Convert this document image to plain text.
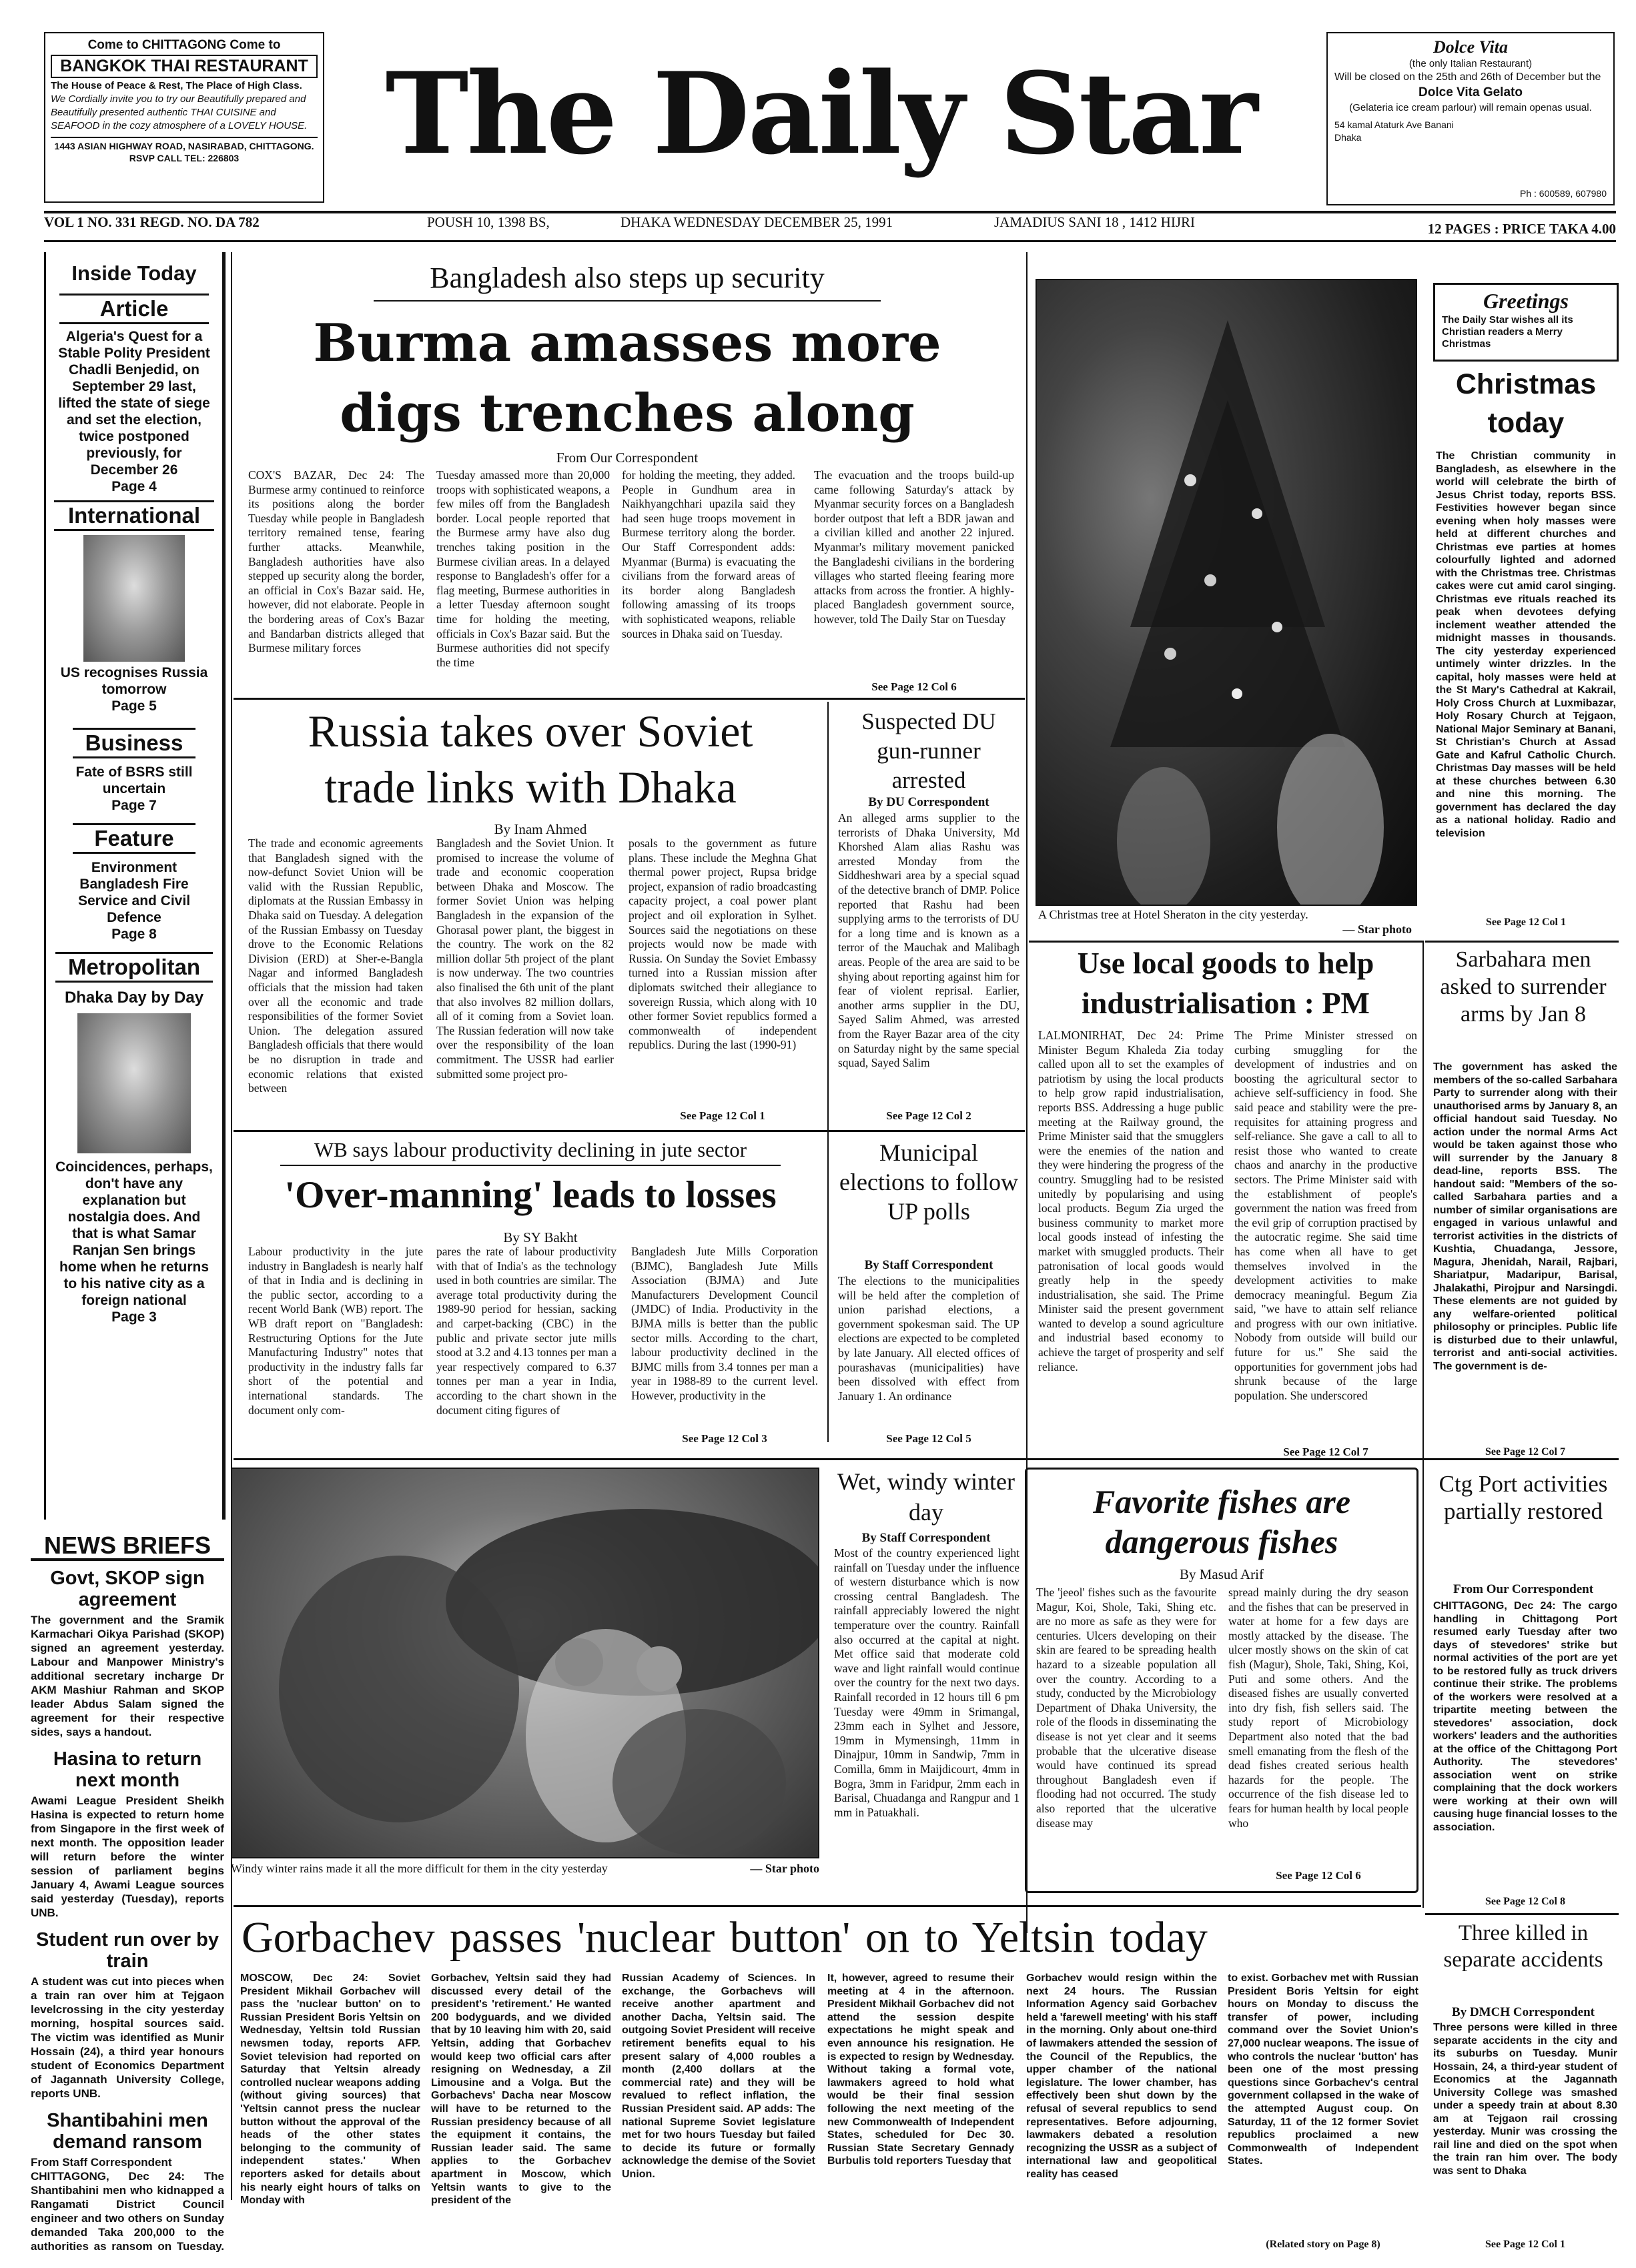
Come to CHITTAGONG Come to
BANGKOK THAI RESTAURANT
The House of Peace & Rest, The Place of High Class.
We Cordially invite you to try our Beautifully prepared and Beautifully presented authentic THAI CUISINE and SEAFOOD in the cozy atmosphere of a LOVELY HOUSE.
1443 ASIAN HIGHWAY ROAD, NASIRABAD, CHITTAGONG. RSVP CALL TEL: 226803	The Daily Star
Dolce Vita
(the only Italian Restaurant)
Will be closed on the 25th and 26th of December but the
Dolce Vita Gelato
(Gelateria ice cream parlour) will remain openas usual.
54 kamal Ataturk Ave Banani Dhaka
Ph : 600589, 607980
VOL 1 NO. 331 REGD. NO. DA 782	POUSH 10, 1398 BS,	DHAKA WEDNESDAY DECEMBER 25, 1991	JAMADIUS SANI 18 , 1412 HIJRI	12 PAGES : PRICE TAKA 4.00
Inside Today
Article
Algeria's Quest for a Stable Polity President Chadli Benjedid, on September 29 last, lifted the state of siege and set the election, twice postponed previously, for December 26
Page 4
International
US recognises Russia tomorrow
Page 5
Business
Fate of BSRS still uncertain
Page 7
Feature
Environment Bangladesh Fire Service and Civil Defence
Page 8
Metropolitan
Dhaka Day by Day
Coincidences, perhaps, don't have any explanation but nostalgia does. And that is what Samar Ranjan Sen brings home when he returns to his native city as a foreign national
Page 3
NEWS BRIEFS
Govt, SKOP sign agreement
The government and the Sramik Karmachari Oikya Parishad (SKOP) signed an agreement yesterday. Labour and Manpower Ministry's additional secretary incharge Dr AKM Mashiur Rahman and SKOP leader Abdus Salam signed the agreement for their respective sides, says a handout.
Hasina to return next month
Awami League President Sheikh Hasina is expected to return home from Singapore in the first week of next month. The opposition leader will return before the winter session of parliament begins January 4, Awami League sources said yesterday (Tuesday), reports UNB.
Student run over by train
A student was cut into pieces when a train ran over him at Tejgaon levelcrossing in the city yesterday morning, hospital sources said. The victim was identified as Munir Hossain (24), a third year honours student of Economics Department of Jagannath University College, reports UNB.
Shantibahini men demand ransom
From Staff Correspondent
CHITTAGONG, Dec 24: The Shantibahini men who kidnapped a Rangamati District Council engineer and two others on Sunday demanded Taka 200,000 to the authorities as ransom on Tuesday.
Bangladesh also steps up security
Burma amasses more
digs trenches along
From Our Correspondent
COX'S BAZAR, Dec 24: The Burmese army continued to reinforce its positions along the border Tuesday while people in Bangladesh territory remained tense, fearing further attacks. Meanwhile, Bangladesh authorities have also stepped up security along the border, an official in Cox's Bazar said. He, however, did not elaborate. People in the bordering areas of Cox's Bazar and Bandarban districts alleged that Burmese military forces
Tuesday amassed more than 20,000 troops with sophisticated weapons, a few miles off from the Bangladesh border. Local people reported that the Burmese army have also dug trenches taking position in the Burmese civilian areas. In a delayed response to Bangladesh's offer for a flag meeting, Burmese authorities in a letter Tuesday afternoon sought time for holding the meeting, officials in Cox's Bazar said. But the Burmese authorities did not specify the time
for holding the meeting, they added. People in Gundhum area in Naikhyangchhari upazila said they had seen huge troops movement in Burmese territory along the border. Our Staff Correspondent adds: Myanmar (Burma) is evacuating the civilians from the forward areas of its border along Bangladesh following amassing of its troops with sophisticated weapons, reliable sources in Dhaka said on Tuesday.
The evacuation and the troops build-up came following Saturday's attack by Myanmar security forces on a Bangladesh border outpost that left a BDR jawan and a civilian killed and another 22 injured. Myanmar's military movement panicked the Bangladeshi civilians in the bordering villages who started fleeing fearing more attacks from across the frontier. A highly-placed Bangladesh government source, however, told The Daily Star on Tuesday
See Page 12 Col 6
A Christmas tree at Hotel Sheraton in the city yesterday.
— Star photo
Greetings
The Daily Star wishes all its Christian readers a Merry Christmas
Christmas
today
The Christian community in Bangladesh, as elsewhere in the world will celebrate the birth of Jesus Christ today, reports BSS. Festivities however began since evening when holy masses were held at different churches and Christmas eve parties at homes colourfully lighted and adorned with the Christmas tree. Christmas cakes were cut amid carol singing. Christmas eve rituals reached its peak when devotees defying inclement weather attended the midnight masses in thousands. The city yesterday experienced untimely winter drizzles. In the capital, holy masses were held at the St Mary's Cathedral at Kakrail, Holy Cross Church at Luxmibazar, Holy Rosary Church at Tejgaon, National Major Seminary at Banani, St Christian's Church at Assad Gate and Kafrul Catholic Church. Christmas Day masses will be held at these churches between 6.30 and nine this morning. The government has declared the day as a national holiday. Radio and television
See Page 12 Col 1
Russia takes over Soviet
trade links with Dhaka
By Inam Ahmed
The trade and economic agreements that Bangladesh signed with the now-defunct Soviet Union will be valid with the Russian Republic, diplomats at the Russian Embassy in Dhaka said on Tuesday. A delegation of the Russian Embassy on Tuesday drove to the Economic Relations Division (ERD) at Sher-e-Bangla Nagar and informed Bangladesh officials that the mission had taken over all the economic and trade responsibilities of the former Soviet Union. The delegation assured Bangladesh officials that there would be no disruption in trade and economic relations that existed between
Bangladesh and the Soviet Union. It promised to increase the volume of trade and economic cooperation between Dhaka and Moscow. The former Soviet Union was helping Bangladesh in the expansion of the Ghorasal power plant, the biggest in the country. The work on the 82 million dollar 5th project of the plant is now underway. The two countries also finalised the 6th unit of the plant that also involves 82 million dollars, all of it coming from a Soviet loan. The Russian federation will now take over the responsibility of the loan commitment. The USSR had earlier submitted some project pro-
posals to the government as future plans. These include the Meghna Ghat thermal power project, Rupsa bridge project, expansion of radio broadcasting capacity project, a coal power plant project and oil exploration in Sylhet. Sources said the negotiations on these projects would now be made with Russia. On Sunday the Soviet Embassy turned into a Russian mission after diplomats switched their allegiance to sovereign Russia, which along with 10 other former Soviet republics formed a commonwealth of independent republics. During the last (1990-91)
See Page 12 Col 1
Suspected DU gun-runner arrested
By DU Correspondent
An alleged arms supplier to the terrorists of Dhaka University, Md Khorshed Alam alias Rashu was arrested Monday from the Siddheshwari area by a special squad of the detective branch of DMP. Police reported that Rashu had been supplying arms to the terrorists of DU for a long time and is known as a terror of the Mauchak and Malibagh areas. People of the area are said to be shying about reporting against him for fear of violent reprisal. Earlier, another arms supplier in the DU, Sayed Salim Ahmed, was arrested from the Rayer Bazar area of the city on Saturday night by the same special squad, Sayed Salim
See Page 12 Col 2
Use local goods to help
industrialisation : PM
LALMONIRHAT, Dec 24: Prime Minister Begum Khaleda Zia today called upon all to set the examples of patriotism by using the local products to help grow rapid industrialisation, reports BSS. Addressing a huge public meeting at the Railway ground, the Prime Minister said that the smugglers were the enemies of the nation and they were hindering the progress of the country. Smuggling had to be resisted unitedly by popularising and using local products. Begum Zia urged the business community to market more local goods instead of infesting the market with smuggled products. Their patronisation of local goods would greatly help in the speedy industrialisation, she said. The Prime Minister said the present government wanted to develop a sound agriculture and industrial based economy to achieve the target of prosperity and self reliance.
The Prime Minister stressed on curbing smuggling for the development of industries and on boosting the agricultural sector to achieve self-sufficiency in food. She said peace and stability were the pre-requisites for attaining progress and self-reliance. She gave a call to all to resist those who wanted to create chaos and anarchy in the productive sectors. The Prime Minister said with the establishment of people's government the nation was freed from the evil grip of corruption practised by the autocratic regime. She said time has come when all have to get themselves involved in the development activities to make democracy meaningful. Begum Zia said, "we have to attain self reliance and progress with our own initiative. Nobody from outside will build our future for us." She said the opportunities for government jobs had shrunk because of the large population. She underscored
See Page 12 Col 7
Sarbahara men asked to surrender arms by Jan 8
The government has asked the members of the so-called Sarbahara Party to surrender along with their unauthorised arms by January 8, an official handout said Tuesday. No action under the normal Arms Act would be taken against those who will surrender by the January 8 dead-line, reports BSS. The handout said: "Members of the so-called Sarbahara parties and a number of similar organisations are engaged in various unlawful and terrorist activities in the districts of Kushtia, Chuadanga, Jessore, Magura, Jhenidah, Narail, Rajbari, Shariatpur, Madaripur, Barisal, Jhalakathi, Pirojpur and Narsingdi. These elements are not guided by any welfare-oriented political philosophy or principles. Public life is disturbed due to their unlawful, terrorist and anti-social activities. The government is de-
See Page 12 Col 7
WB says labour productivity declining in jute sector
'Over-manning' leads to losses
By SY Bakht
Labour productivity in the jute industry in Bangladesh is nearly half of that in India and is declining in the public sector, according to a recent World Bank (WB) report. The WB draft report on "Bangladesh: Restructuring Options for the Jute Manufacturing Industry" notes that productivity in the industry falls far short of the potential and international standards. The document only com-
pares the rate of labour productivity with that of India's as the technology used in both countries are similar. The average total productivity during the 1989-90 period for hessian, sacking and carpet-backing (CBC) in the public and private sector jute mills stood at 3.2 and 4.13 tonnes per man a year respectively compared to 6.37 tonnes per man a year in India, according to the chart shown in the document citing figures of
Bangladesh Jute Mills Corporation (BJMC), Bangladesh Jute Mills Association (BJMA) and Jute Manufacturers Development Council (JMDC) of India. Productivity in the BJMA mills is better than the public sector mills. According to the chart, labour productivity declined in the BJMC mills from 3.4 tonnes per man a year in 1988-89 to the current level. However, productivity in the
See Page 12 Col 3
Municipal elections to follow UP polls
By Staff Correspondent
The elections to the municipalities will be held after the completion of union parishad elections, a government spokesman said. The UP elections are expected to be completed by late January. All elected offices of pourashavas (municipalities) have been dissolved with effect from January 1. An ordinance
See Page 12 Col 5
Windy winter rains made it all the more difficult for them in the city yesterday	— Star photo
Wet, windy winter day
By Staff Correspondent
Most of the country experienced light rainfall on Tuesday under the influence of western disturbance which is now crossing central Bangladesh. The rainfall appreciably lowered the night temperature over the country. Rainfall also occurred at the capital at night. Met office said that moderate cold wave and light rainfall would continue over the country for the next two days. Rainfall recorded in 12 hours till 6 pm Tuesday were 49mm in Srimangal, 23mm each in Sylhet and Jessore, 19mm in Mymensingh, 11mm in Dinajpur, 10mm in Sandwip, 7mm in Comilla, 6mm in Maijdicourt, 4mm in Bogra, 3mm in Faridpur, 2mm each in Barisal, Chuadanga and Rangpur and 1 mm in Patuakhali.
Favorite fishes are
dangerous fishes
By Masud Arif
The 'jeeol' fishes such as the favourite Magur, Koi, Shole, Taki, Shing etc. are no more as safe as they were for centuries. Ulcers developing on their skin are feared to be spreading health hazard to a sizeable population all over the country. According to a study, conducted by the Microbiology Department of Dhaka University, the role of the floods in disseminating the disease is not yet clear and it seems probable that the ulcerative disease would have continued its spread throughout Bangladesh even if flooding had not occurred. The study also reported that the ulcerative disease may
spread mainly during the dry season and the fishes that can be preserved in water at home for a few days are mostly attacked by the disease. The ulcer mostly shows on the skin of cat fish (Magur), Shole, Taki, Shing, Koi, Puti and some others. And the diseased fishes are usually converted into dry fish, fish sellers said. The study report of Microbiology Department also noted that the bad smell emanating from the flesh of the dead fishes created serious health hazards for the people. The occurrence of the fish disease led to fears for human health by local people who
See Page 12 Col 6
Ctg Port activities partially restored
From Our Correspondent
CHITTAGONG, Dec 24: The cargo handling in Chittagong Port resumed early Tuesday after two days of stevedores' strike but normal activities of the port are yet to be restored fully as truck drivers continue their strike. The problems of the workers were resolved at a tripartite meeting between the stevedores' association, dock workers' leaders and the authorities at the office of the Chittagong Port Authority. The stevedores' association went on strike complaining that the dock workers were working at their own will causing huge financial losses to the association.
See Page 12 Col 8
Gorbachev passes 'nuclear button' on to Yeltsin today
MOSCOW, Dec 24: Soviet President Mikhail Gorbachev will pass the 'nuclear button' on to Russian President Boris Yeltsin on Wednesday, Yeltsin told Russian newsmen today, reports AFP. Soviet television had reported on Saturday that Yeltsin already controlled nuclear weapons adding (without giving sources) that 'Yeltsin cannot press the nuclear button without the approval of the heads of the other states belonging to the community of independent states.' When reporters asked for details about his nearly eight hours of talks on Monday with
Gorbachev, Yeltsin said they had discussed every detail of the president's 'retirement.' He wanted 200 bodyguards, and we divided that by 10 leaving him with 20, said Yeltsin, adding that Gorbachev would keep two official cars after resigning on Wednesday, a Zil Limousine and a Volga. But the Gorbachevs' Dacha near Moscow will have to be returned to the Russian presidency because of all the equipment it contains, the Russian leader said. The same applies to the Gorbachev apartment in Moscow, which Yeltsin wants to give to the president of the
Russian Academy of Sciences. In exchange, the Gorbachevs will receive another apartment and another Dacha, Yeltsin said. The outgoing Soviet President will receive retirement benefits equal to his present salary of 4,000 roubles a month (2,400 dollars at the commercial rate) and they will be revalued to reflect inflation, the Russian President said. AP adds: The national Supreme Soviet legislature met for two hours Tuesday but failed to decide its future or formally acknowledge the demise of the Soviet Union.
It, however, agreed to resume their meeting at 4 in the afternoon. President Mikhail Gorbachev did not attend the session despite expectations he might speak and even announce his resignation. He is expected to resign by Wednesday. Without taking a formal vote, lawmakers agreed to hold what would be their final session following the next meeting of the new Commonwealth of Independent States, scheduled for Dec 30. Russian State Secretary Gennady Burbulis told reporters Tuesday that
Gorbachev would resign within the next 24 hours. The Russian Information Agency said Gorbachev held a 'farewell meeting' with his staff in the morning. Only about one-third of lawmakers attended the session of the Council of the Republics, the upper chamber of the national legislature. The lower chamber, has effectively been shut down by the refusal of several republics to send representatives. Before adjourning, lawmakers debated a resolution recognizing the USSR as a subject of international law and geopolitical reality has ceased
to exist. Gorbachev met with Russian President Boris Yeltsin for eight hours on Monday to discuss the transfer of power, including command over the Soviet Union's 27,000 nuclear weapons. The issue of who controls the nuclear 'button' has been one of the most pressing questions since Gorbachev's central government collapsed in the wake of the attempted August coup. On Saturday, 11 of the 12 former Soviet republics proclaimed a new Commonwealth of Independent States.
(Related story on Page 8)
Three killed in separate accidents
By DMCH Correspondent
Three persons were killed in three separate accidents in the city and its suburbs on Tuesday. Munir Hossain, 24, a third-year student of Economics at the Jagannath University College was smashed under a speedy train at about 8.30 am at Tejgaon rail crossing yesterday. Munir was crossing the rail line and died on the spot when the train ran him over. The body was sent to Dhaka
See Page 12 Col 1
